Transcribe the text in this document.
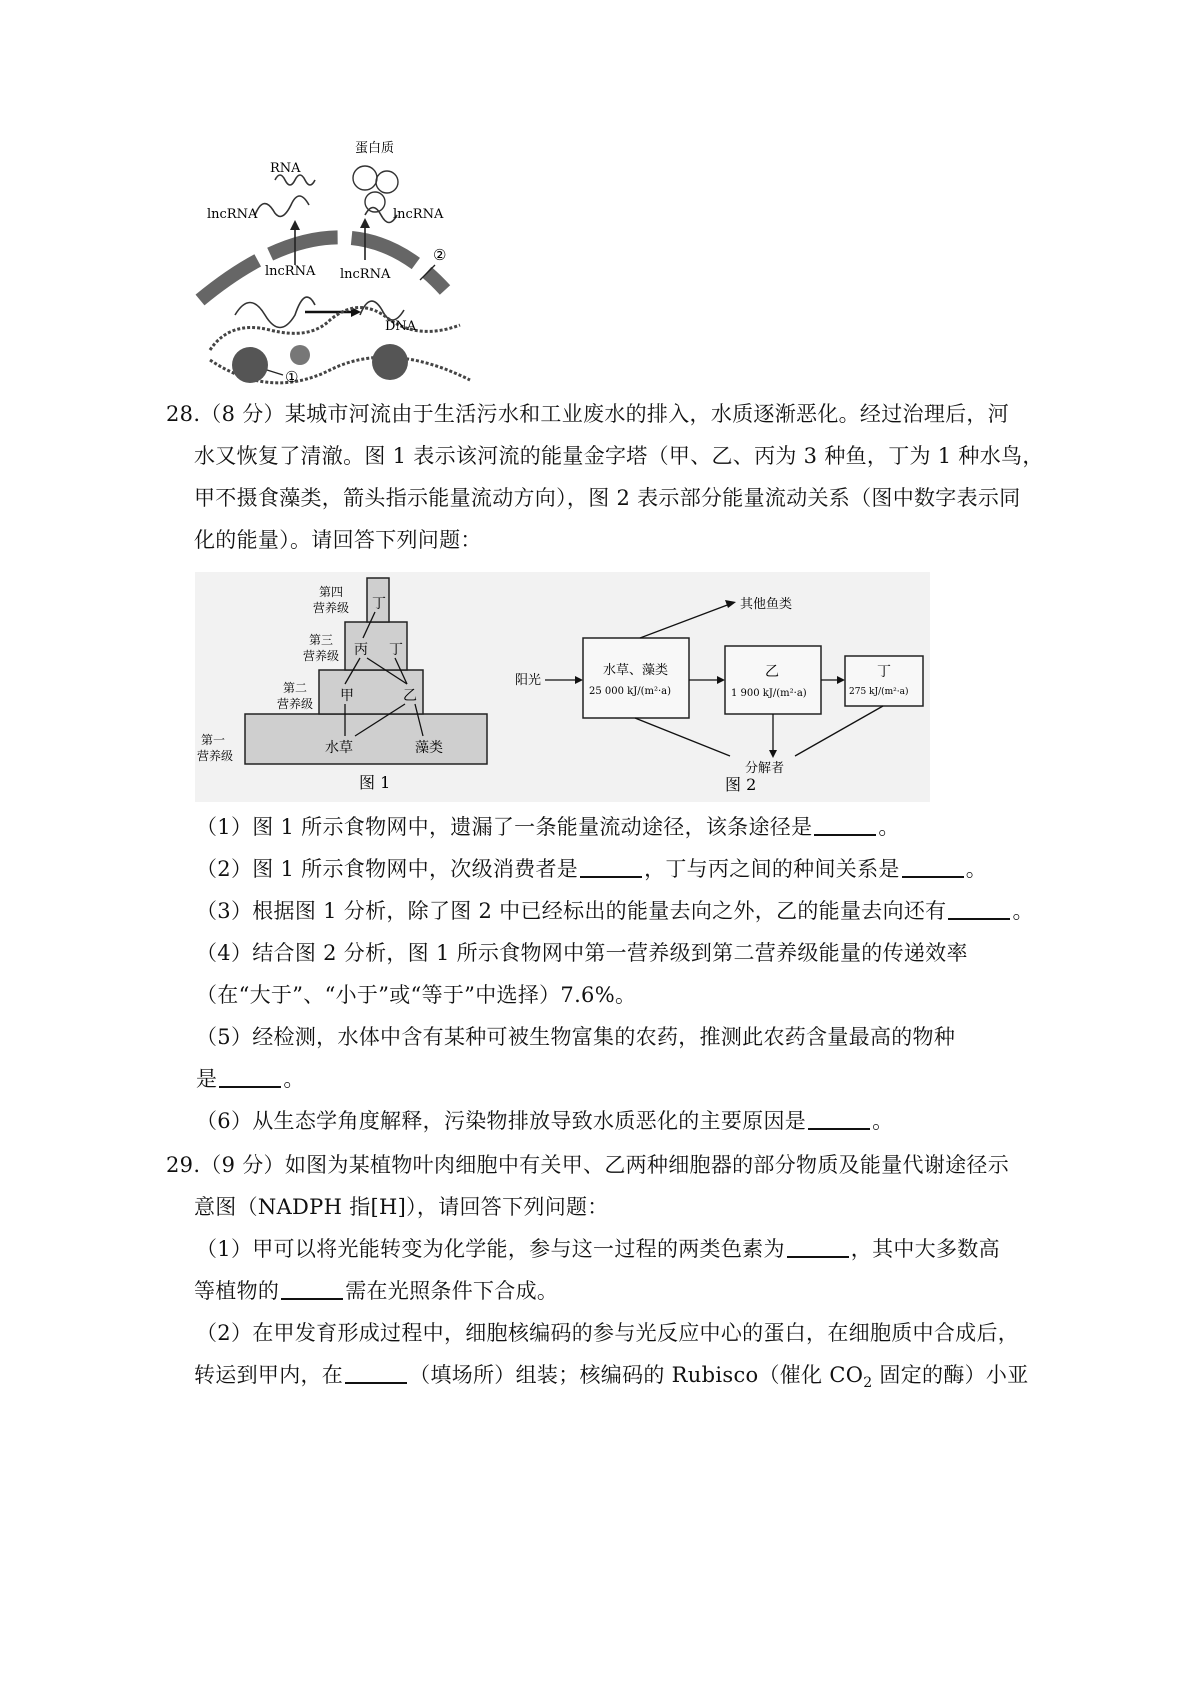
RNA
蛋白质
lncRNA	lncRNA
lncRNA lncRNA
DNA
①
②
28.（8 分）某城市河流由于生活污水和工业废水的排入，水质逐渐恶化。经过治理后，河
水又恢复了清澈。图 1 表示该河流的能量金字塔（甲、乙、丙为 3 种鱼，丁为 1 种水鸟，
甲不摄食藻类，箭头指示能量流动方向），图 2 表示部分能量流动关系（图中数字表示同
化的能量）。请回答下列问题：
第四
营养级
第三
营养级
第二
营养级
第一
营养级
丁
丙 丁
甲	乙
水草	藻类
图 1
阳光
水草、藻类
25 000 kJ/(m²·a)
乙
1 900 kJ/(m²·a)
丁
275 kJ/(m²·a)
其他鱼类
分解者
图 2
（1）图 1 所示食物网中，遗漏了一条能量流动途径，该条途径是	。
（2）图 1 所示食物网中，次级消费者是	，丁与丙之间的种间关系是	。
（3）根据图 1 分析，除了图 2 中已经标出的能量去向之外，乙的能量去向还有	。
（4）结合图 2 分析，图 1 所示食物网中第一营养级到第二营养级能量的传递效率
（在“大于”、“小于”或“等于”中选择）7.6%。
（5）经检测，水体中含有某种可被生物富集的农药，推测此农药含量最高的物种
是	。
（6）从生态学角度解释，污染物排放导致水质恶化的主要原因是	。
29.（9 分）如图为某植物叶肉细胞中有关甲、乙两种细胞器的部分物质及能量代谢途径示
意图（NADPH 指[H]），请回答下列问题：
（1）甲可以将光能转变为化学能，参与这一过程的两类色素为	，其中大多数高
等植物的	需在光照条件下合成。
（2）在甲发育形成过程中，细胞核编码的参与光反应中心的蛋白，在细胞质中合成后，
转运到甲内，在	（填场所）组装；核编码的 Rubisco（催化 $CO_2$ 固定的酶）小亚
